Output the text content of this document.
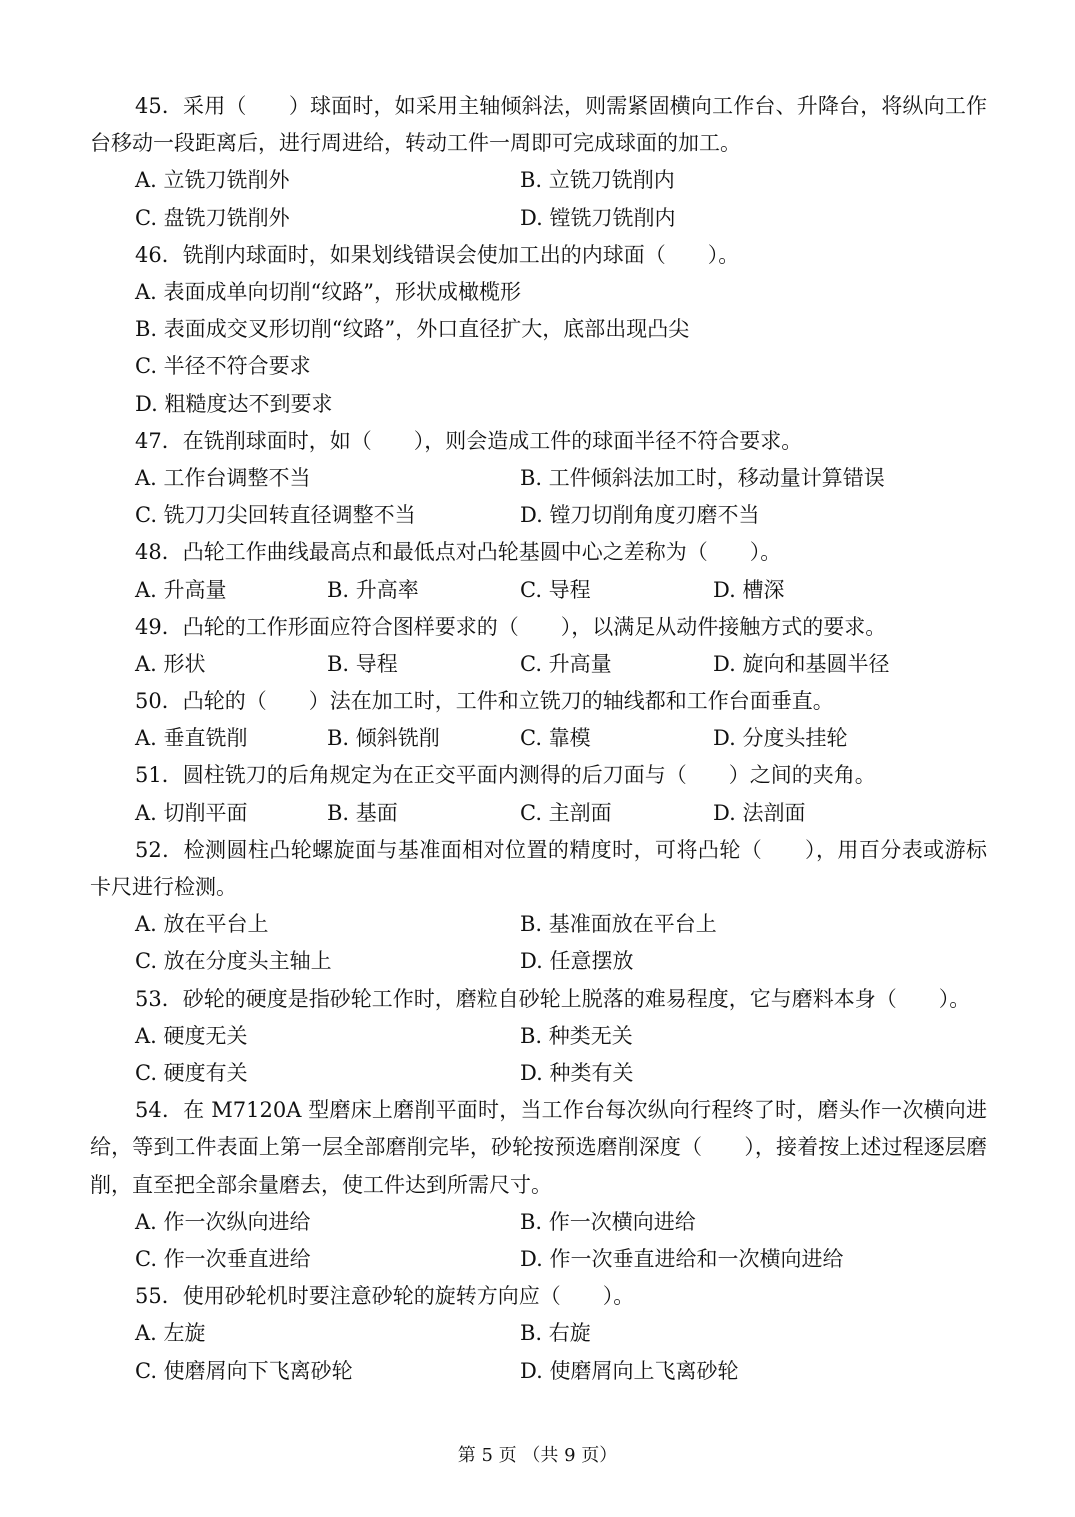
45．采用（　　）球面时，如采用主轴倾斜法，则需紧固横向工作台、升降台，将纵向工作台移动一段距离后，进行周进给，转动工件一周即可完成球面的加工。
A. 立铣刀铣削外	B. 立铣刀铣削内
C. 盘铣刀铣削外	D. 镗铣刀铣削内
46．铣削内球面时，如果划线错误会使加工出的内球面（　　）。
A. 表面成单向切削“纹路”，形状成橄榄形
B. 表面成交叉形切削“纹路”，外口直径扩大，底部出现凸尖
C. 半径不符合要求
D. 粗糙度达不到要求
47．在铣削球面时，如（　　），则会造成工件的球面半径不符合要求。
A. 工作台调整不当	B. 工件倾斜法加工时，移动量计算错误
C. 铣刀刀尖回转直径调整不当	D. 镗刀切削角度刃磨不当
48．凸轮工作曲线最高点和最低点对凸轮基圆中心之差称为（　　）。
A. 升高量	B. 升高率	C. 导程	D. 槽深
49．凸轮的工作形面应符合图样要求的（　　），以满足从动件接触方式的要求。
A. 形状	B. 导程	C. 升高量	D. 旋向和基圆半径
50．凸轮的（　　）法在加工时，工件和立铣刀的轴线都和工作台面垂直。
A. 垂直铣削	B. 倾斜铣削	C. 靠模	D. 分度头挂轮
51．圆柱铣刀的后角规定为在正交平面内测得的后刀面与（　　）之间的夹角。
A. 切削平面	B. 基面	C. 主剖面	D. 法剖面
52．检测圆柱凸轮螺旋面与基准面相对位置的精度时，可将凸轮（　　），用百分表或游标卡尺进行检测。
A. 放在平台上	B. 基准面放在平台上
C. 放在分度头主轴上	D. 任意摆放
53．砂轮的硬度是指砂轮工作时，磨粒自砂轮上脱落的难易程度，它与磨料本身（　　）。
A. 硬度无关	B. 种类无关
C. 硬度有关	D. 种类有关
54．在 M7120A 型磨床上磨削平面时，当工作台每次纵向行程终了时，磨头作一次横向进给，等到工件表面上第一层全部磨削完毕，砂轮按预选磨削深度（　　），接着按上述过程逐层磨削，直至把全部余量磨去，使工件达到所需尺寸。
A. 作一次纵向进给	B. 作一次横向进给
C. 作一次垂直进给	D. 作一次垂直进给和一次横向进给
55．使用砂轮机时要注意砂轮的旋转方向应（　　）。
A. 左旋	B. 右旋
C. 使磨屑向下飞离砂轮	D. 使磨屑向上飞离砂轮
第 5 页 （共 9 页）
